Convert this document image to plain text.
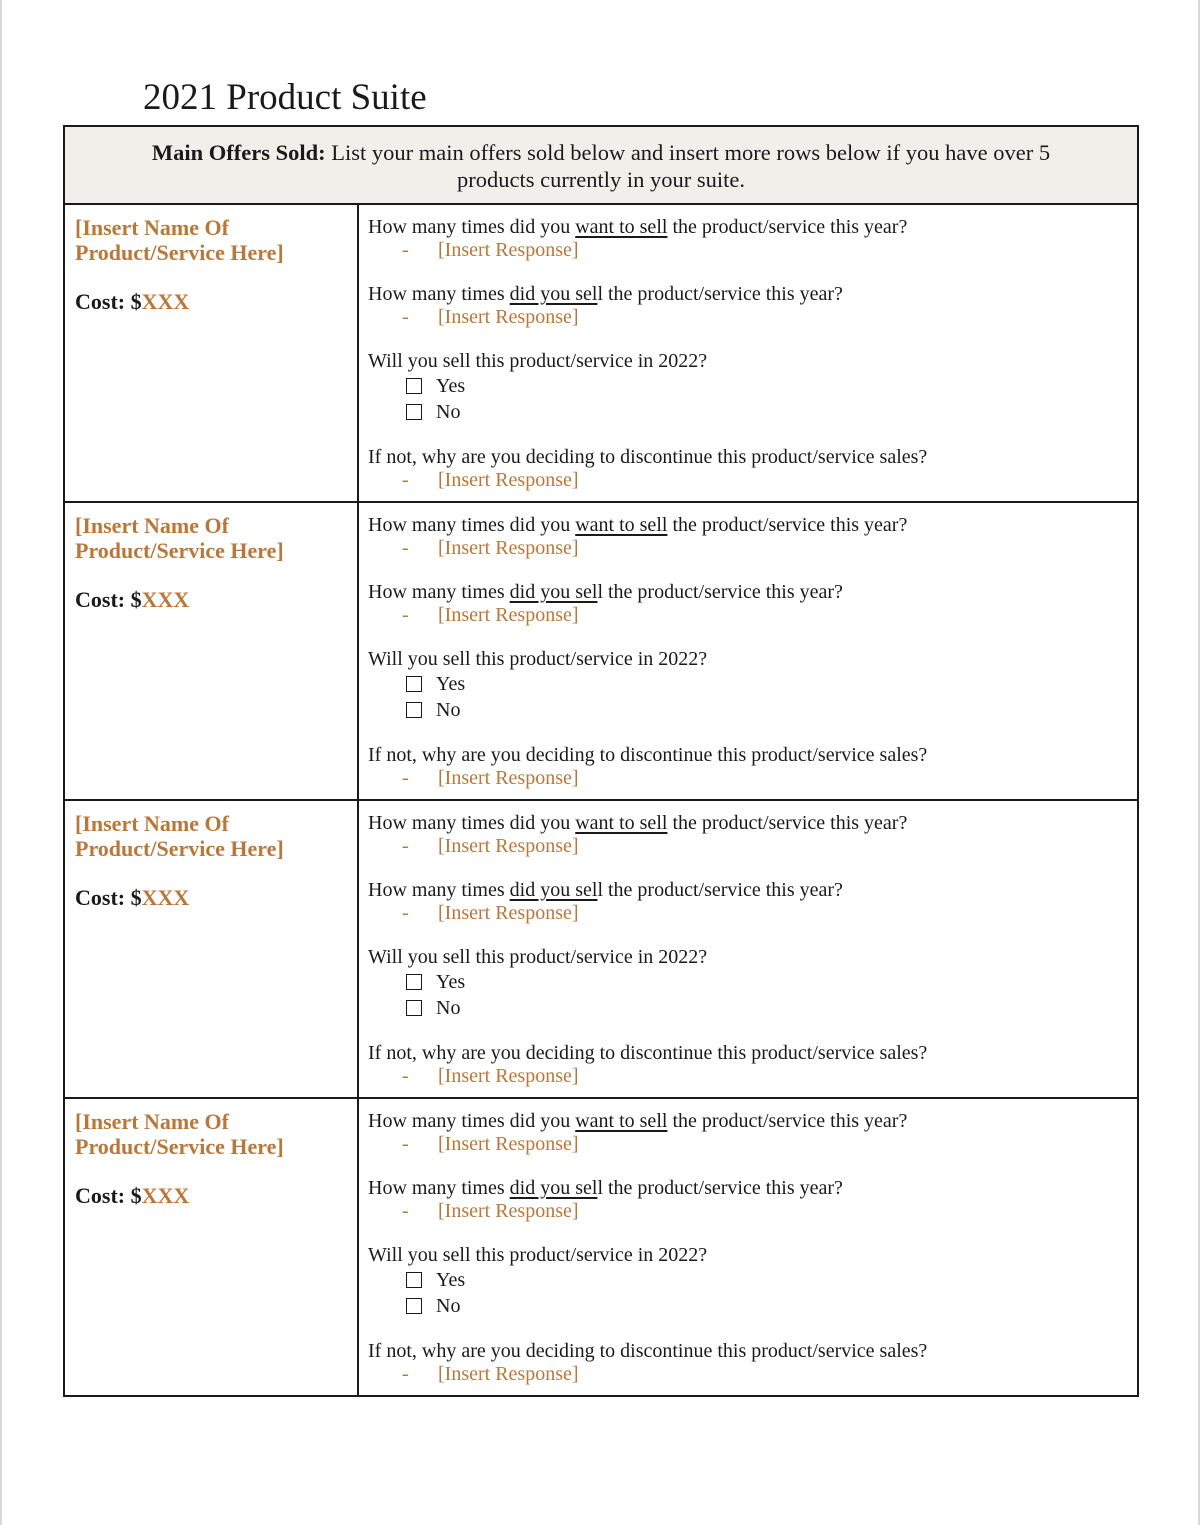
2021 Product Suite
Main Offers Sold: List your main offers sold below and insert more rows below if you have over 5
products currently in your suite.
[Insert Name Of
Product/Service Here]
Cost: $XXX
How many times did you want to sell the product/service this year?
- [Insert Response]
How many times did you sell the product/service this year?
- [Insert Response]
Will you sell this product/service in 2022?
Yes
No
If not, why are you deciding to discontinue this product/service sales?
- [Insert Response]
[Insert Name Of
Product/Service Here]
Cost: $XXX
How many times did you want to sell the product/service this year?
- [Insert Response]
How many times did you sell the product/service this year?
- [Insert Response]
Will you sell this product/service in 2022?
Yes
No
If not, why are you deciding to discontinue this product/service sales?
- [Insert Response]
[Insert Name Of
Product/Service Here]
Cost: $XXX
How many times did you want to sell the product/service this year?
- [Insert Response]
How many times did you sell the product/service this year?
- [Insert Response]
Will you sell this product/service in 2022?
Yes
No
If not, why are you deciding to discontinue this product/service sales?
- [Insert Response]
[Insert Name Of
Product/Service Here]
Cost: $XXX
How many times did you want to sell the product/service this year?
- [Insert Response]
How many times did you sell the product/service this year?
- [Insert Response]
Will you sell this product/service in 2022?
Yes
No
If not, why are you deciding to discontinue this product/service sales?
- [Insert Response]
